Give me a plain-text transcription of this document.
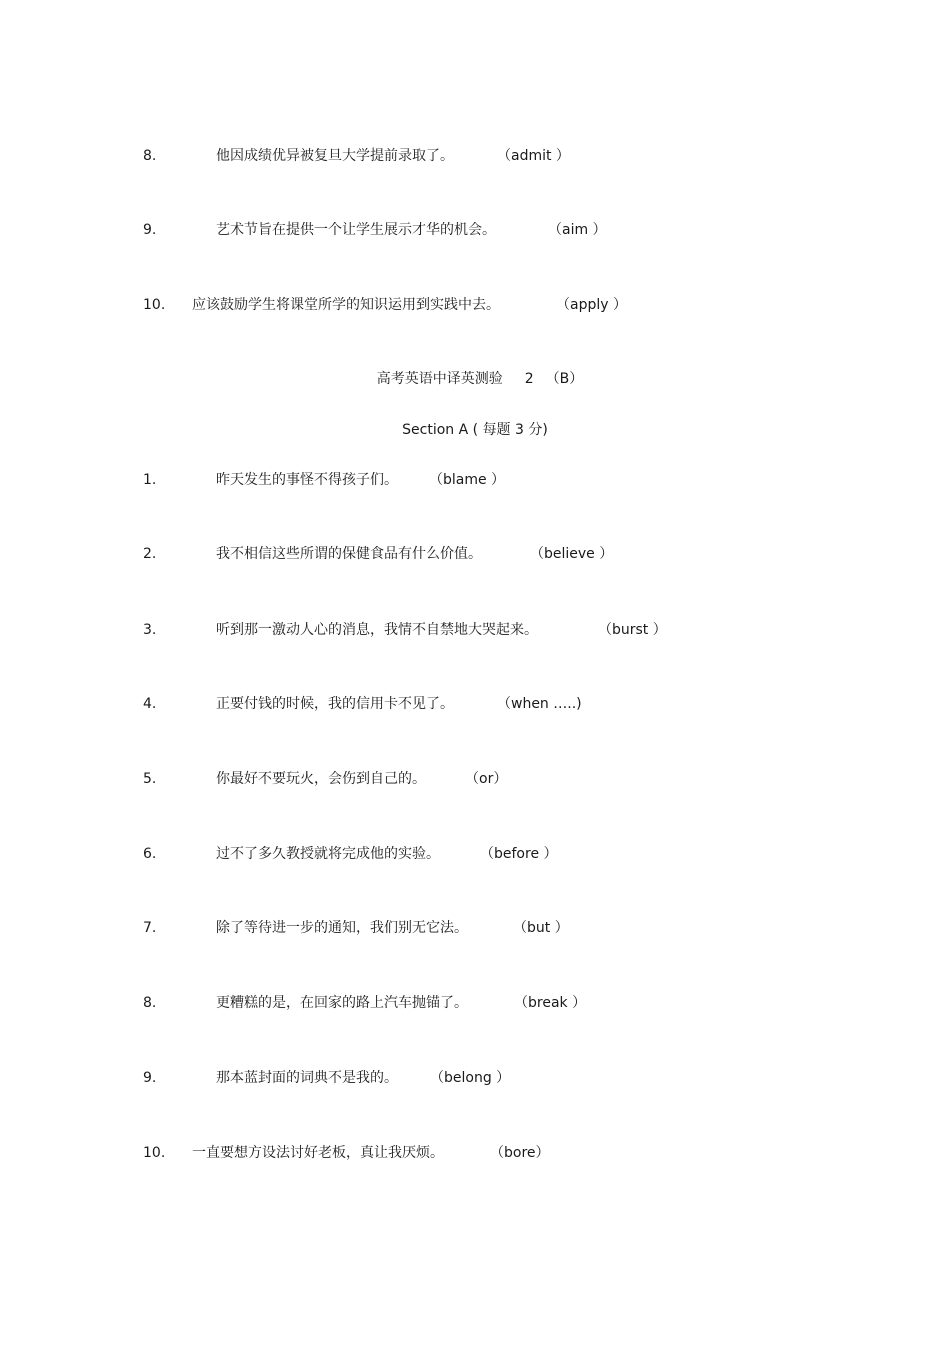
8.	他因成绩优异被复旦大学提前录取了。	（admit ）
9.	艺术节旨在提供一个让学生展示才华的机会。	（aim ）
10. 应该鼓励学生将课堂所学的知识运用到实践中去。	（apply ）
高考英语中译英测验 2 （B）
Section A ( 每题 3 分)
1.	昨天发生的事怪不得孩子们。 （blame ）
2.	我不相信这些所谓的保健食品有什么价值。	（believe ）
3.	听到那一激动人心的消息，我情不自禁地大哭起来。	（burst ）
4.	正要付钱的时候，我的信用卡不见了。	（when …..)
5.	你最好不要玩火，会伤到自己的。	（or）
6.	过不了多久教授就将完成他的实验。	（before ）
7.	除了等待进一步的通知，我们别无它法。	（but ）
8.	更糟糕的是，在回家的路上汽车抛锚了。	（break ）
9.	那本蓝封面的词典不是我的。 （belong ）
10. 一直要想方设法讨好老板，真让我厌烦。	（bore）
